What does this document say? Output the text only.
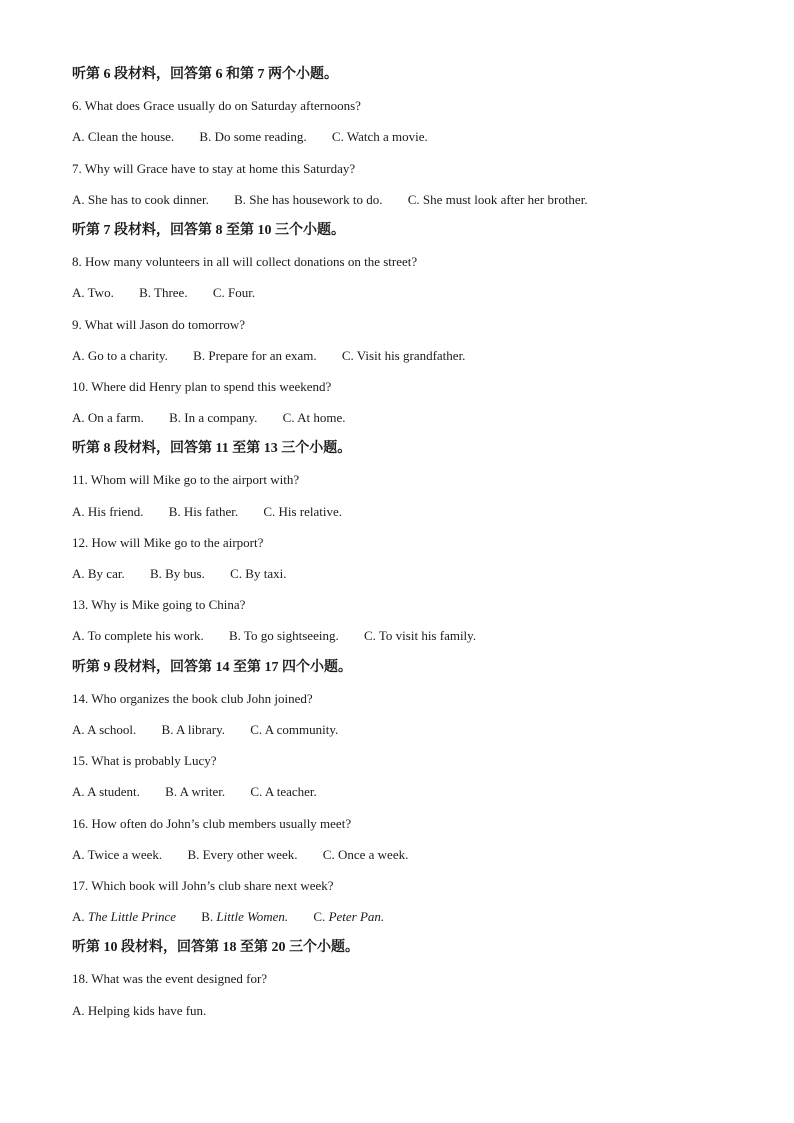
听第 6 段材料，回答第 6 和第 7 两个小题。
6. What does Grace usually do on Saturday afternoons?
A. Clean the house. B. Do some reading. C. Watch a movie.
7. Why will Grace have to stay at home this Saturday?
A. She has to cook dinner. B. She has housework to do. C. She must look after her brother.
听第 7 段材料，回答第 8 至第 10 三个小题。
8. How many volunteers in all will collect donations on the street?
A. Two. B. Three. C. Four.
9. What will Jason do tomorrow?
A. Go to a charity. B. Prepare for an exam. C. Visit his grandfather.
10. Where did Henry plan to spend this weekend?
A. On a farm. B. In a company. C. At home.
听第 8 段材料，回答第 11 至第 13 三个小题。
11. Whom will Mike go to the airport with?
A. His friend. B. His father. C. His relative.
12. How will Mike go to the airport?
A. By car. B. By bus. C. By taxi.
13. Why is Mike going to China?
A. To complete his work. B. To go sightseeing. C. To visit his family.
听第 9 段材料，回答第 14 至第 17 四个小题。
14. Who organizes the book club John joined?
A. A school. B. A library. C. A community.
15. What is probably Lucy?
A. A student. B. A writer. C. A teacher.
16. How often do John’s club members usually meet?
A. Twice a week. B. Every other week. C. Once a week.
17. Which book will John’s club share next week?
A. The Little Prince B. Little Women. C. Peter Pan.
听第 10 段材料，回答第 18 至第 20 三个小题。
18. What was the event designed for?
A. Helping kids have fun.
